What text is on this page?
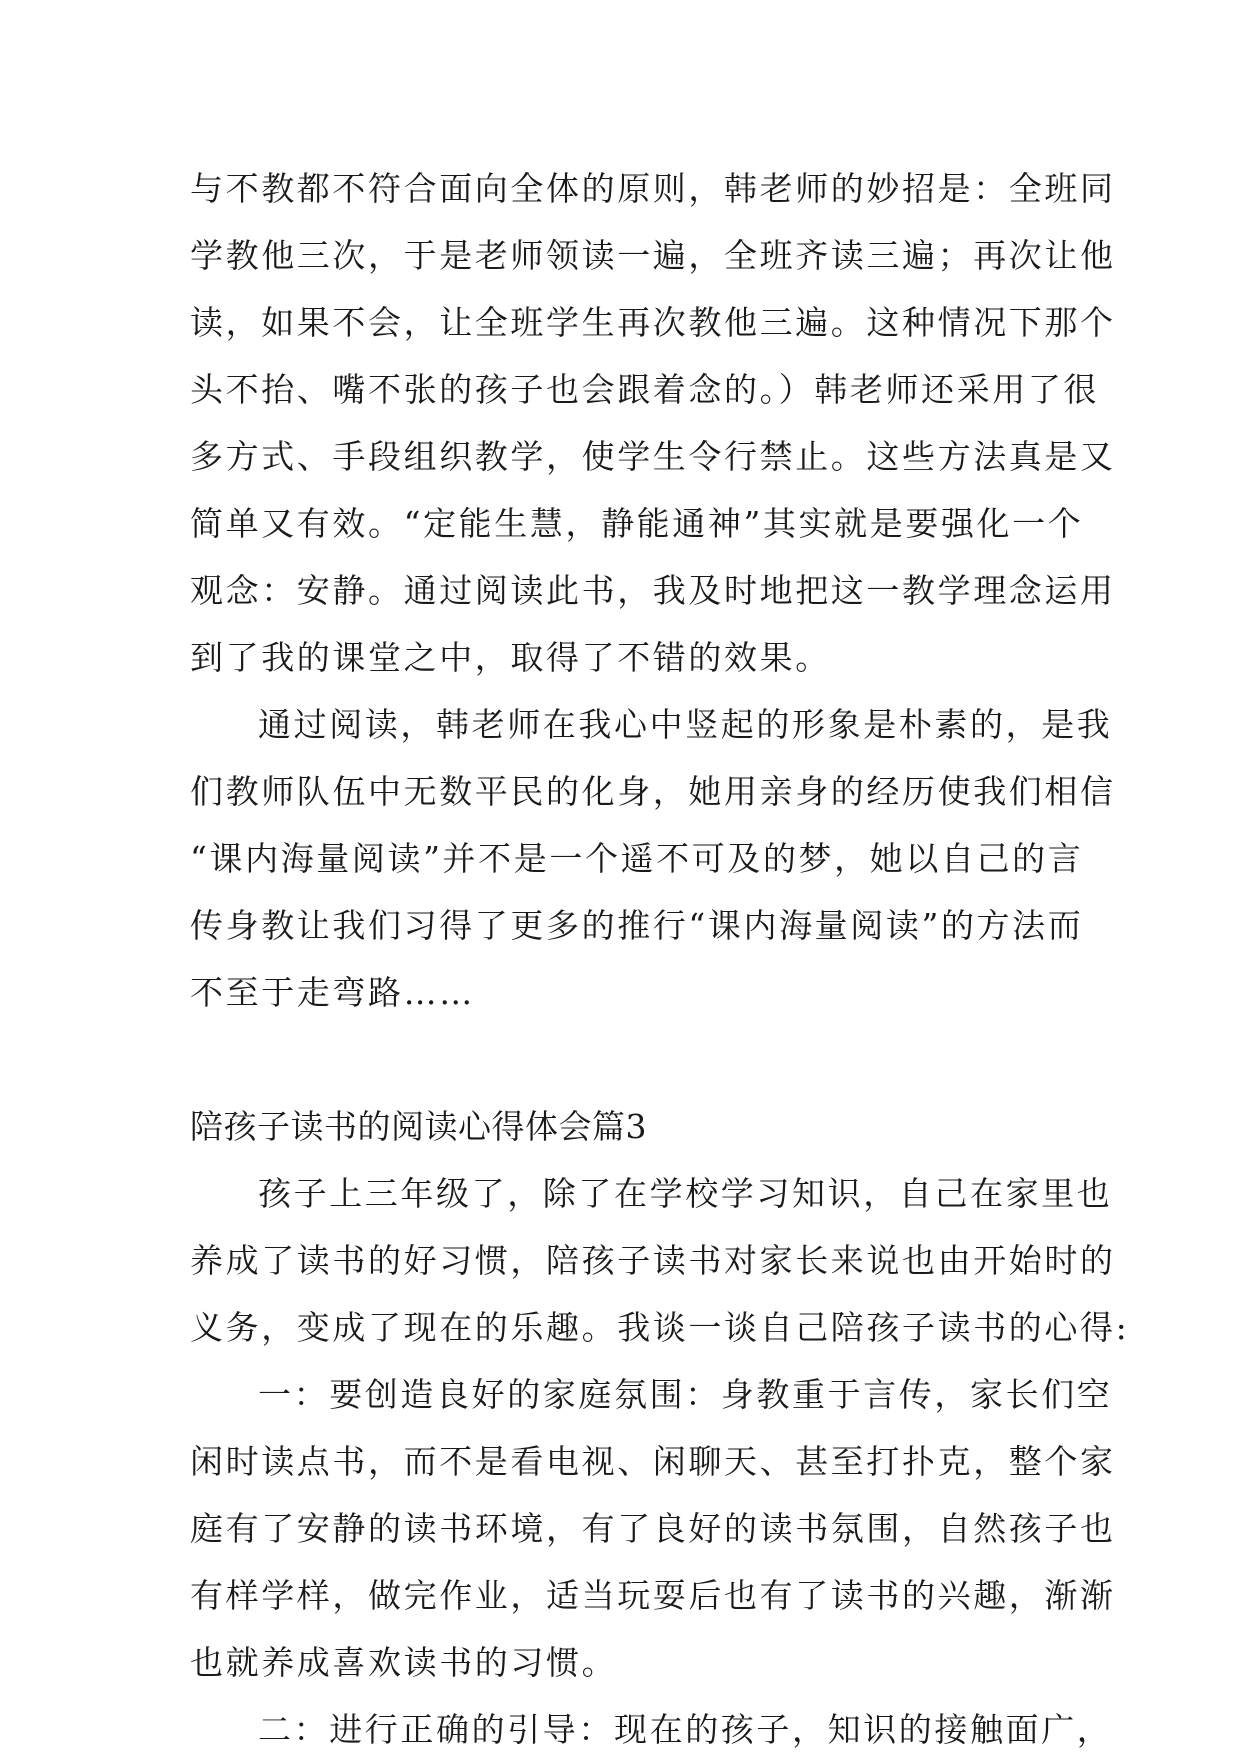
与不教都不符合面向全体的原则，韩老师的妙招是：全班同
学教他三次，于是老师领读一遍，全班齐读三遍；再次让他
读，如果不会，让全班学生再次教他三遍。这种情况下那个
头不抬、嘴不张的孩子也会跟着念的。）韩老师还采用了很
多方式、手段组织教学，使学生令行禁止。这些方法真是又
简单又有效。“定能生慧，静能通神”其实就是要强化一个
观念：安静。通过阅读此书，我及时地把这一教学理念运用
到了我的课堂之中，取得了不错的效果。
通过阅读，韩老师在我心中竖起的形象是朴素的，是我
们教师队伍中无数平民的化身，她用亲身的经历使我们相信
“课内海量阅读”并不是一个遥不可及的梦，她以自己的言
传身教让我们习得了更多的推行“课内海量阅读”的方法而
不至于走弯路……
陪孩子读书的阅读心得体会篇3
孩子上三年级了，除了在学校学习知识，自己在家里也
养成了读书的好习惯，陪孩子读书对家长来说也由开始时的
义务，变成了现在的乐趣。我谈一谈自己陪孩子读书的心得:
一：要创造良好的家庭氛围：身教重于言传，家长们空
闲时读点书，而不是看电视、闲聊天、甚至打扑克，整个家
庭有了安静的读书环境，有了良好的读书氛围，自然孩子也
有样学样，做完作业，适当玩耍后也有了读书的兴趣，渐渐
也就养成喜欢读书的习惯。
二：进行正确的引导：现在的孩子，知识的接触面广，
